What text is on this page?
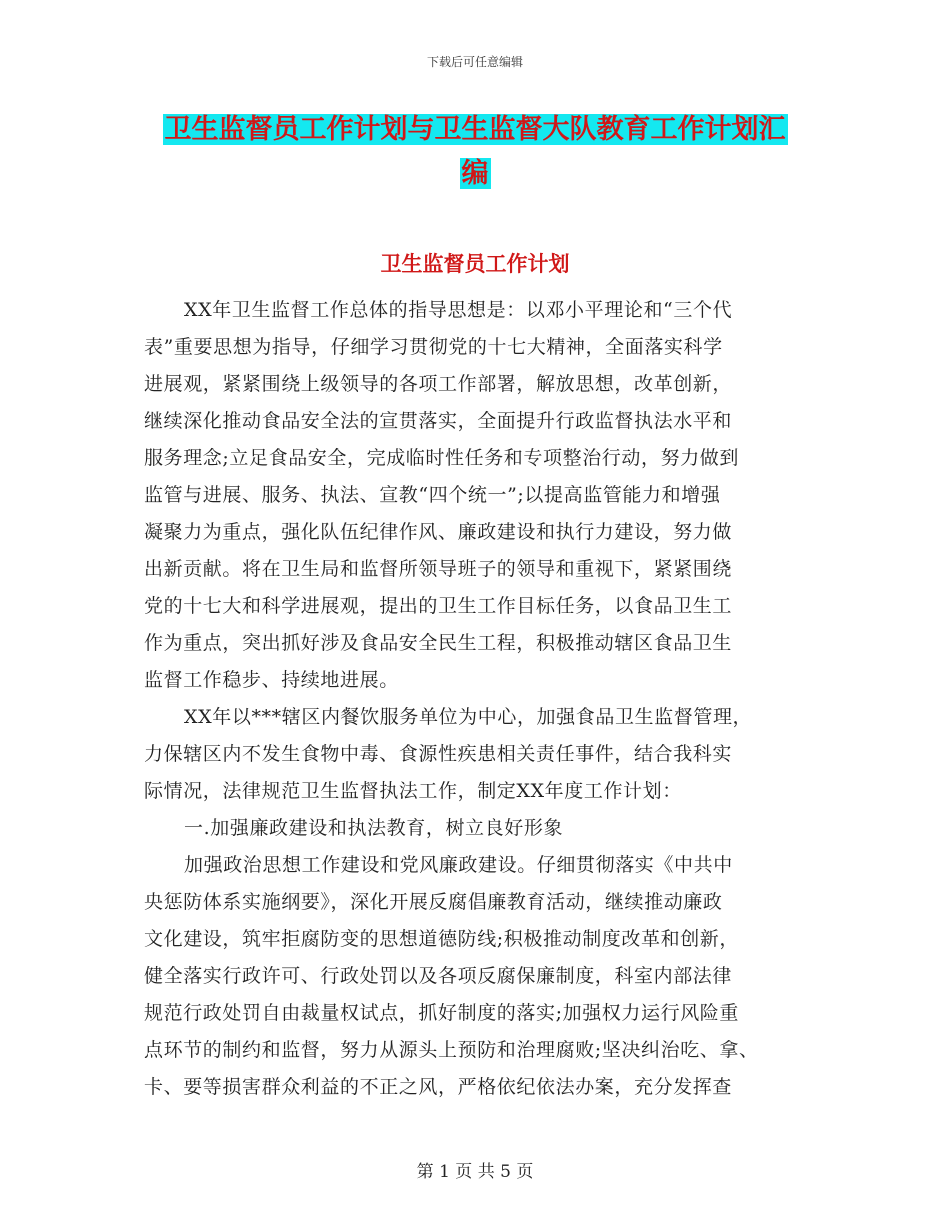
下载后可任意编辑
卫生监督员工作计划与卫生监督大队教育工作计划汇
编
卫生监督员工作计划
XX年卫生监督工作总体的指导思想是：以邓小平理论和“三个代
表”重要思想为指导，仔细学习贯彻党的十七大精神，全面落实科学
进展观，紧紧围绕上级领导的各项工作部署，解放思想，改革创新，
继续深化推动食品安全法的宣贯落实，全面提升行政监督执法水平和
服务理念;立足食品安全，完成临时性任务和专项整治行动，努力做到
监管与进展、服务、执法、宣教“四个统一”;以提高监管能力和增强
凝聚力为重点，强化队伍纪律作风、廉政建设和执行力建设，努力做
出新贡献。将在卫生局和监督所领导班子的领导和重视下，紧紧围绕
党的十七大和科学进展观，提出的卫生工作目标任务，以食品卫生工
作为重点，突出抓好涉及食品安全民生工程，积极推动辖区食品卫生
监督工作稳步、持续地进展。
XX年以***辖区内餐饮服务单位为中心，加强食品卫生监督管理，
力保辖区内不发生食物中毒、食源性疾患相关责任事件，结合我科实
际情况，法律规范卫生监督执法工作，制定XX年度工作计划：
一.加强廉政建设和执法教育，树立良好形象
加强政治思想工作建设和党风廉政建设。仔细贯彻落实《中共中
央惩防体系实施纲要》，深化开展反腐倡廉教育活动，继续推动廉政
文化建设，筑牢拒腐防变的思想道德防线;积极推动制度改革和创新，
健全落实行政许可、行政处罚以及各项反腐保廉制度，科室内部法律
规范行政处罚自由裁量权试点，抓好制度的落实;加强权力运行风险重
点环节的制约和监督，努力从源头上预防和治理腐败;坚决纠治吃、拿、
卡、要等损害群众利益的不正之风，严格依纪依法办案，充分发挥查
第 1 页 共 5 页
